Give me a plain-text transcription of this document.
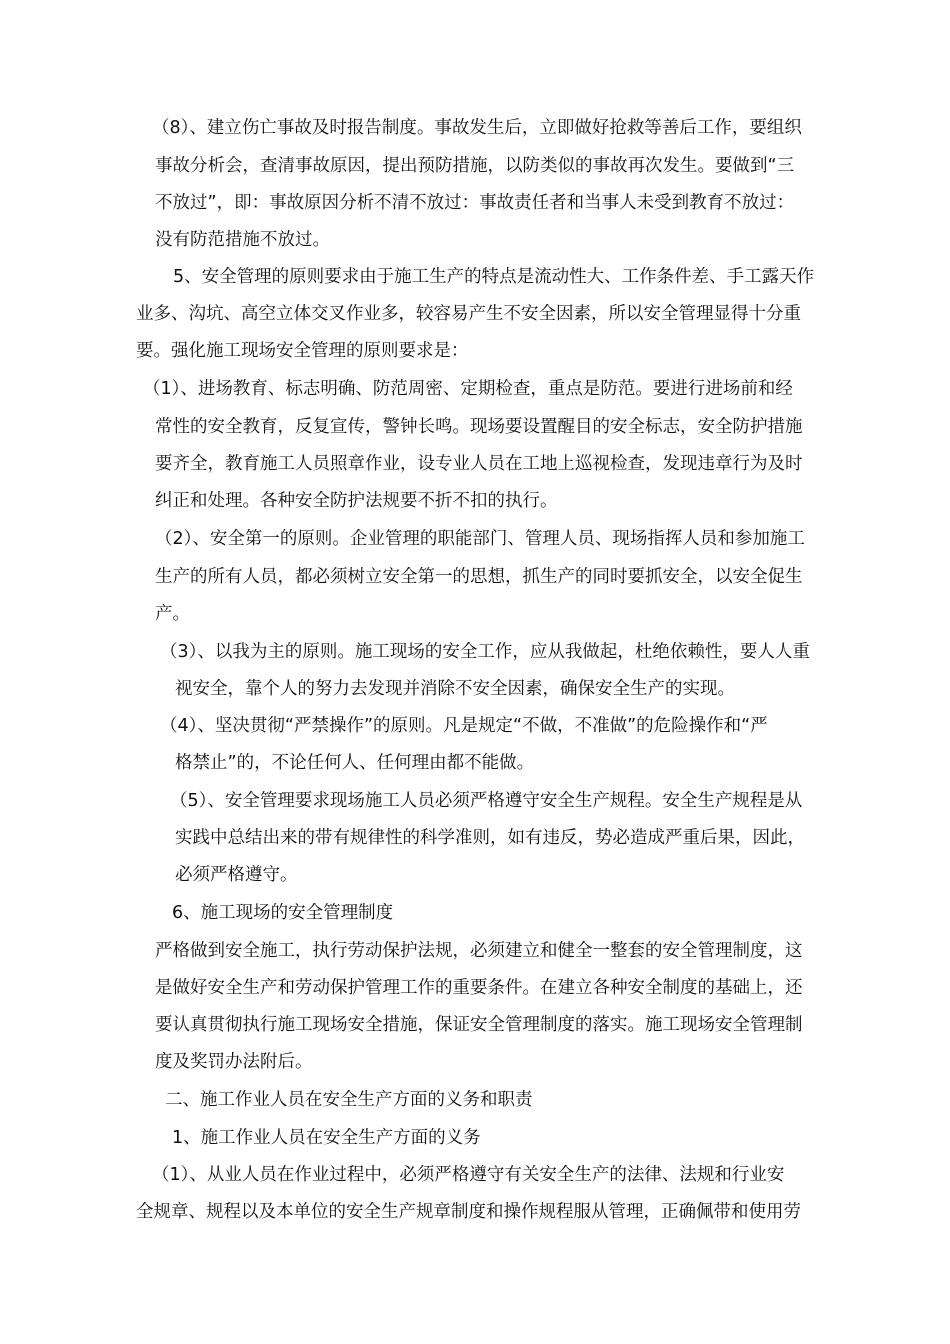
（8）、建立伤亡事故及时报告制度。事故发生后，立即做好抢救等善后工作，要组织
事故分析会，查清事故原因，提出预防措施，以防类似的事故再次发生。要做到“三
不放过”，即：事故原因分析不清不放过：事故责任者和当事人未受到教育不放过：
没有防范措施不放过。
5、安全管理的原则要求由于施工生产的特点是流动性大、工作条件差、手工露天作
业多、沟坑、高空立体交叉作业多，较容易产生不安全因素，所以安全管理显得十分重
要。强化施工现场安全管理的原则要求是：
（1）、进场教育、标志明确、防范周密、定期检查，重点是防范。要进行进场前和经
常性的安全教育，反复宣传，警钟长鸣。现场要设置醒目的安全标志，安全防护措施
要齐全，教育施工人员照章作业，设专业人员在工地上巡视检查，发现违章行为及时
纠正和处理。各种安全防护法规要不折不扣的执行。
（2）、安全第一的原则。企业管理的职能部门、管理人员、现场指挥人员和参加施工
生产的所有人员，都必须树立安全第一的思想，抓生产的同时要抓安全，以安全促生
产。
（3）、以我为主的原则。施工现场的安全工作，应从我做起，杜绝依赖性，要人人重
视安全，靠个人的努力去发现并消除不安全因素，确保安全生产的实现。
（4）、坚决贯彻“严禁操作”的原则。凡是规定“不做，不准做”的危险操作和“严
格禁止”的，不论任何人、任何理由都不能做。
（5）、安全管理要求现场施工人员必须严格遵守安全生产规程。安全生产规程是从
实践中总结出来的带有规律性的科学准则，如有违反，势必造成严重后果，因此，
必须严格遵守。
6、施工现场的安全管理制度
严格做到安全施工，执行劳动保护法规，必须建立和健全一整套的安全管理制度，这
是做好安全生产和劳动保护管理工作的重要条件。在建立各种安全制度的基础上，还
要认真贯彻执行施工现场安全措施，保证安全管理制度的落实。施工现场安全管理制
度及奖罚办法附后。
二、施工作业人员在安全生产方面的义务和职责
1、施工作业人员在安全生产方面的义务
（1）、从业人员在作业过程中，必须严格遵守有关安全生产的法律、法规和行业安
全规章、规程以及本单位的安全生产规章制度和操作规程服从管理，正确佩带和使用劳
